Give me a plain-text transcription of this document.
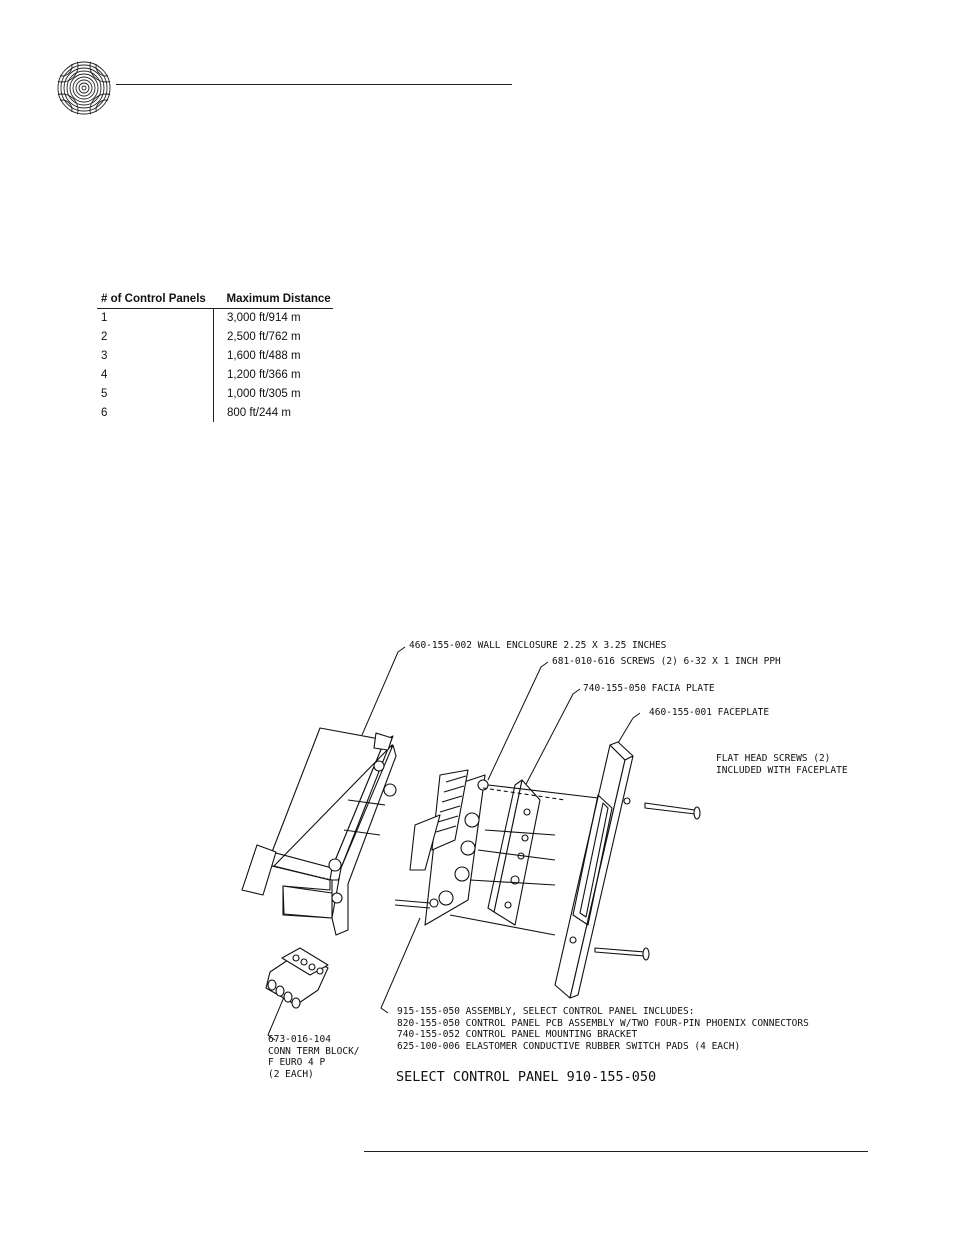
# of Control Panels	Maximum Distance
1	3,000 ft/914 m
2	2,500 ft/762 m
3	1,600 ft/488 m
4	1,200 ft/366 m
5	1,000 ft/305 m
6	800 ft/244 m
460-155-002 WALL ENCLOSURE 2.25 X 3.25 INCHES
681-010-616 SCREWS (2) 6-32 X 1 INCH PPH
740-155-050 FACIA PLATE
460-155-001 FACEPLATE
FLAT HEAD SCREWS (2)
INCLUDED WITH FACEPLATE
915-155-050 ASSEMBLY, SELECT CONTROL PANEL INCLUDES:
820-155-050 CONTROL PANEL PCB ASSEMBLY W/TWO FOUR-PIN PHOENIX CONNECTORS
740-155-052 CONTROL PANEL MOUNTING BRACKET
625-100-006 ELASTOMER CONDUCTIVE RUBBER SWITCH PADS (4 EACH)
673-016-104
CONN TERM BLOCK/
F EURO 4 P
(2 EACH)	SELECT CONTROL PANEL 910-155-050
